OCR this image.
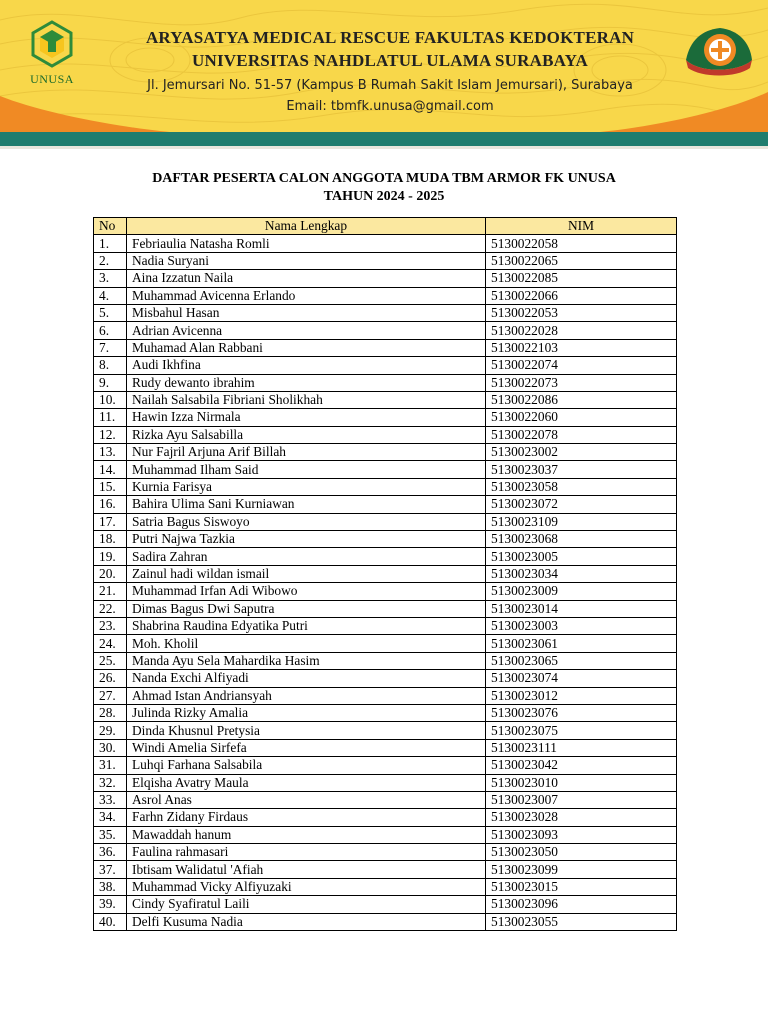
UNUSA
ARYASATYA MEDICAL RESCUE FAKULTAS KEDOKTERAN
UNIVERSITAS NAHDLATUL ULAMA SURABAYA
Jl. Jemursari No. 51-57 (Kampus B Rumah Sakit Islam Jemursari), Surabaya
Email: tbmfk.unusa@gmail.com
DAFTAR PESERTA CALON ANGGOTA MUDA TBM ARMOR FK UNUSA
TAHUN 2024 - 2025
No	Nama Lengkap	NIM
1.	Febriaulia Natasha Romli	5130022058
2.	Nadia Suryani	5130022065
3.	Aina Izzatun Naila	5130022085
4.	Muhammad Avicenna Erlando	5130022066
5.	Misbahul Hasan	5130022053
6.	Adrian Avicenna	5130022028
7.	Muhamad Alan Rabbani	5130022103
8.	Audi Ikhfina	5130022074
9.	Rudy dewanto ibrahim	5130022073
10.	Nailah Salsabila Fibriani Sholikhah	5130022086
11.	Hawin Izza Nirmala	5130022060
12.	Rizka Ayu Salsabilla	5130022078
13.	Nur Fajril Arjuna Arif Billah	5130023002
14.	Muhammad Ilham Said	5130023037
15.	Kurnia Farisya	5130023058
16.	Bahira Ulima Sani Kurniawan	5130023072
17.	Satria Bagus Siswoyo	5130023109
18.	Putri Najwa Tazkia	5130023068
19.	Sadira Zahran	5130023005
20.	Zainul hadi wildan ismail	5130023034
21.	Muhammad Irfan Adi Wibowo	5130023009
22.	Dimas Bagus Dwi Saputra	5130023014
23.	Shabrina Raudina Edyatika Putri	5130023003
24.	Moh. Kholil	5130023061
25.	Manda Ayu Sela Mahardika Hasim	5130023065
26.	Nanda Exchi Alfiyadi	5130023074
27.	Ahmad Istan Andriansyah	5130023012
28.	Julinda Rizky Amalia	5130023076
29.	Dinda Khusnul Pretysia	5130023075
30.	Windi Amelia Sirfefa	5130023111
31.	Luhqi Farhana Salsabila	5130023042
32.	Elqisha Avatry Maula	5130023010
33.	Asrol Anas	5130023007
34.	Farhn Zidany Firdaus	5130023028
35.	Mawaddah hanum	5130023093
36.	Faulina rahmasari	5130023050
37.	Ibtisam Walidatul 'Afiah	5130023099
38.	Muhammad Vicky Alfiyuzaki	5130023015
39.	Cindy Syafiratul Laili	5130023096
40.	Delfi Kusuma Nadia	5130023055
